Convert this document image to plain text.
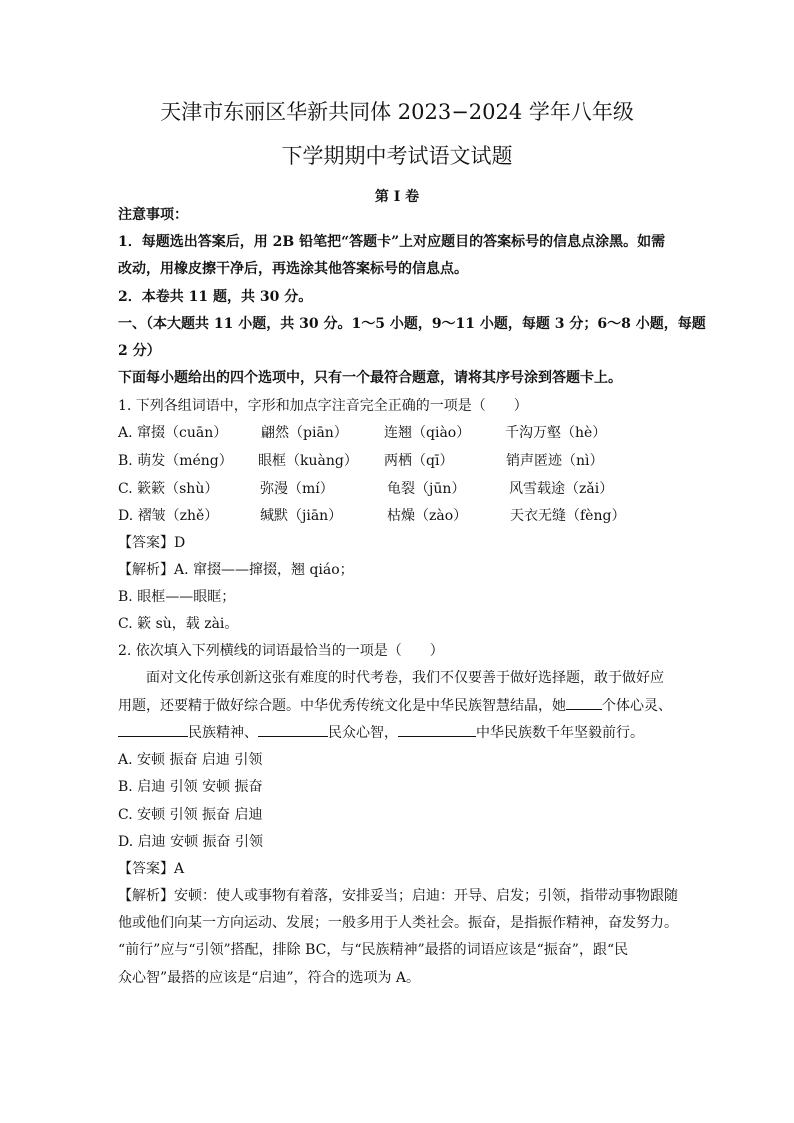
天津市东丽区华新共同体 2023−2024 学年八年级
下学期期中考试语文试题
第 I 卷
注意事项：
1．每题选出答案后，用 2B 铅笔把“答题卡”上对应题目的答案标号的信息点涂黑。如需
改动，用橡皮擦干净后，再选涂其他答案标号的信息点。
2．本卷共 11 题，共 30 分。
一、（本大题共 11 小题，共 30 分。1～5 小题，9～11 小题，每题 3 分；6～8 小题，每题
2 分）
下面每小题给出的四个选项中，只有一个最符合题意，请将其序号涂到答题卡上。
1. 下列各组词语中，字形和加点字注音完全正确的一项是（　　）
A. 窜掇（cuān） 翩然（piān）	连翘（qiào） 千沟万壑（hè）
B. 萌发（méng） 眼框（kuàng） 两栖（qī）	销声匿迹（nì）
C. 簌簌（shù）	弥漫（mí）	龟裂（jūn）	风雪载途（zǎi）
D. 褶皱（zhě）	缄默（jiān）	枯燥（zào）	天衣无缝（fèng）
【答案】D
【解析】A. 窜掇——撺掇，翘 qiáo；
B. 眼框——眼眶；
C. 簌 sù，载 zài。
2. 依次填入下列横线的词语最恰当的一项是（　　）
面对文化传承创新这张有难度的时代考卷，我们不仅要善于做好选择题，敢于做好应
用题，还要精于做好综合题。中华优秀传统文化是中华民族智慧结晶，她	个体心灵、
民族精神、	民众心智，	中华民族数千年坚毅前行。
A. 安顿 振奋 启迪 引领
B. 启迪 引领 安顿 振奋
C. 安顿 引领 振奋 启迪
D. 启迪 安顿 振奋 引领
【答案】A
【解析】安顿：使人或事物有着落，安排妥当；启迪：开导、启发；引领，指带动事物跟随
他或他们向某一方向运动、发展；一般多用于人类社会。振奋，是指振作精神，奋发努力。
“前行”应与“引领”搭配，排除 BC，与“民族精神”最搭的词语应该是“振奋”，跟“民
众心智”最搭的应该是“启迪”，符合的选项为 A。
